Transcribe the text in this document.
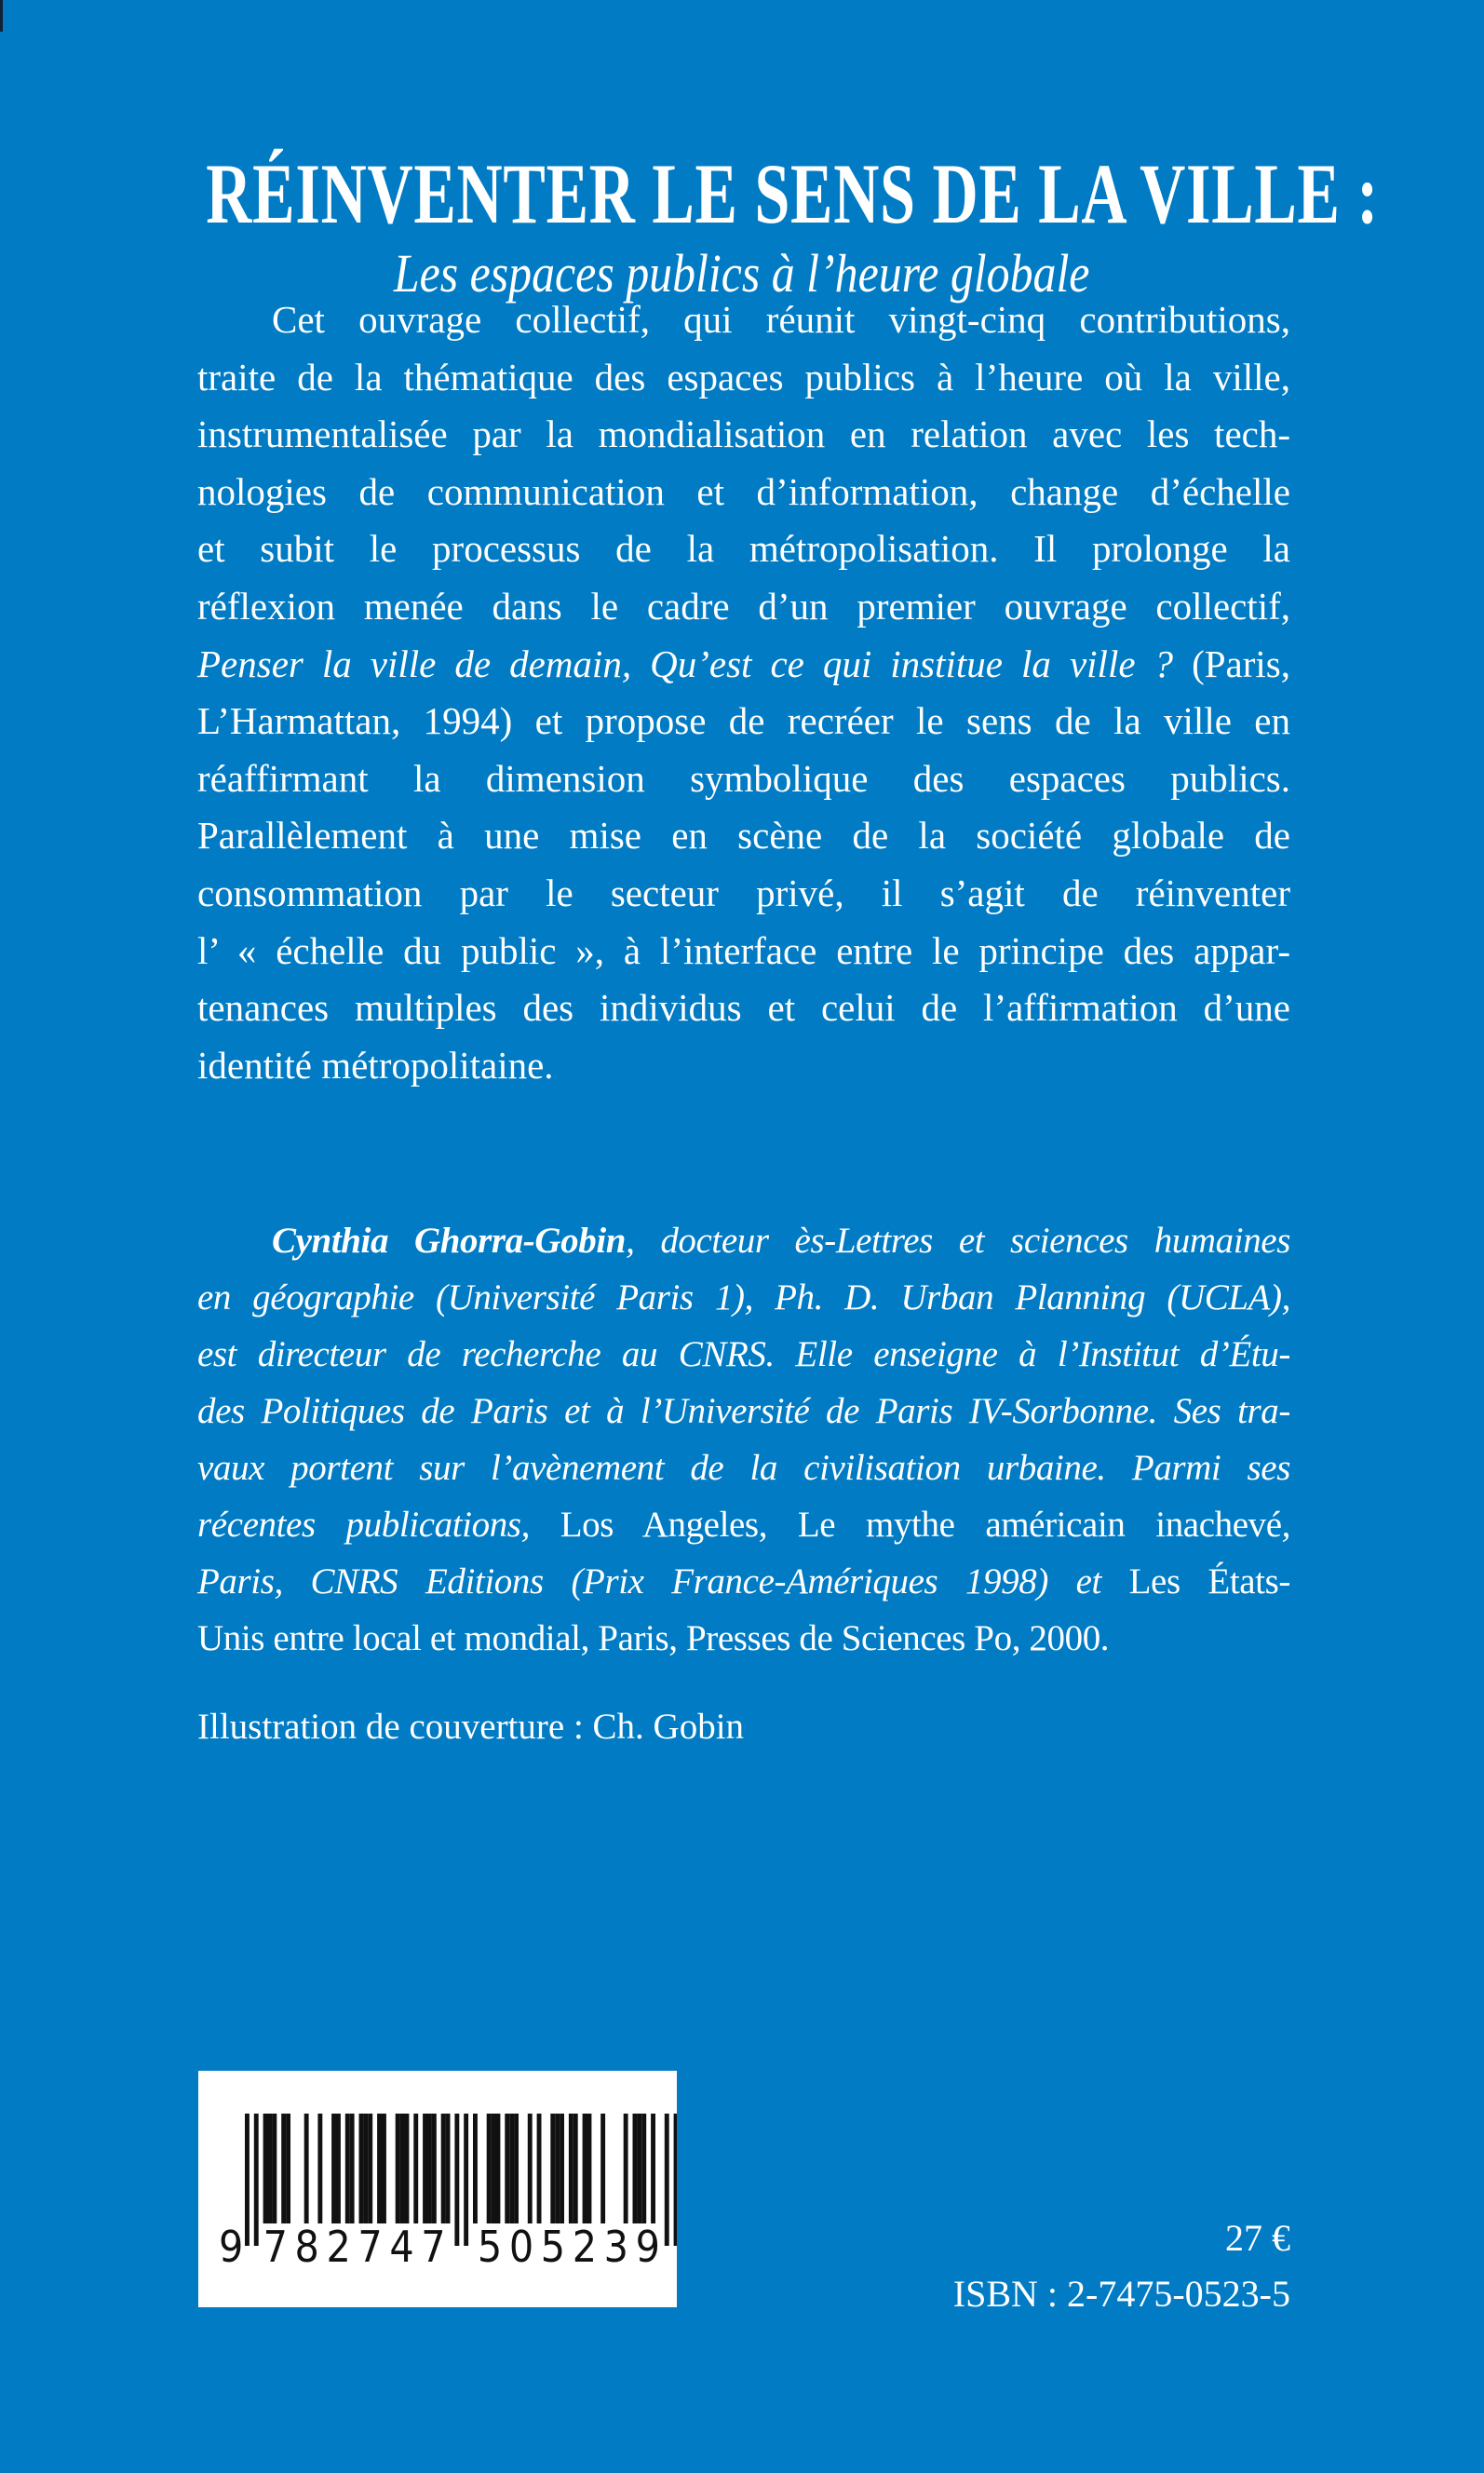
RÉINVENTER LE SENS DE LA VILLE :
Les espaces publics à l’heure globale
Cet ouvrage collectif, qui réunit vingt-cinq contributions,
traite de la thématique des espaces publics à l’heure où la ville,
instrumentalisée par la mondialisation en relation avec les tech-
nologies de communication et d’information, change d’échelle
et subit le processus de la métropolisation. Il prolonge la
réflexion menée dans le cadre d’un premier ouvrage collectif,
Penser la ville de demain, Qu’est ce qui institue la ville ? (Paris,
L’Harmattan, 1994) et propose de recréer le sens de la ville en
réaffirmant la dimension symbolique des espaces publics.
Parallèlement à une mise en scène de la société globale de
consommation par le secteur privé, il s’agit de réinventer
l’ « échelle du public », à l’interface entre le principe des appar-
tenances multiples des individus et celui de l’affirmation d’une
identité métropolitaine.
Cynthia Ghorra-Gobin, docteur ès-Lettres et sciences humaines
en géographie (Université Paris 1), Ph. D. Urban Planning (UCLA),
est directeur de recherche au CNRS. Elle enseigne à l’Institut d’Étu-
des Politiques de Paris et à l’Université de Paris IV-Sorbonne. Ses tra-
vaux portent sur l’avènement de la civilisation urbaine. Parmi ses
récentes publications, Los Angeles, Le mythe américain inachevé,
Paris, CNRS Editions (Prix France-Amériques 1998) et Les États-
Unis entre local et mondial, Paris, Presses de Sciences Po, 2000.
Illustration de couverture : Ch. Gobin
9 782747 505239	27 €
ISBN : 2-7475-0523-5
